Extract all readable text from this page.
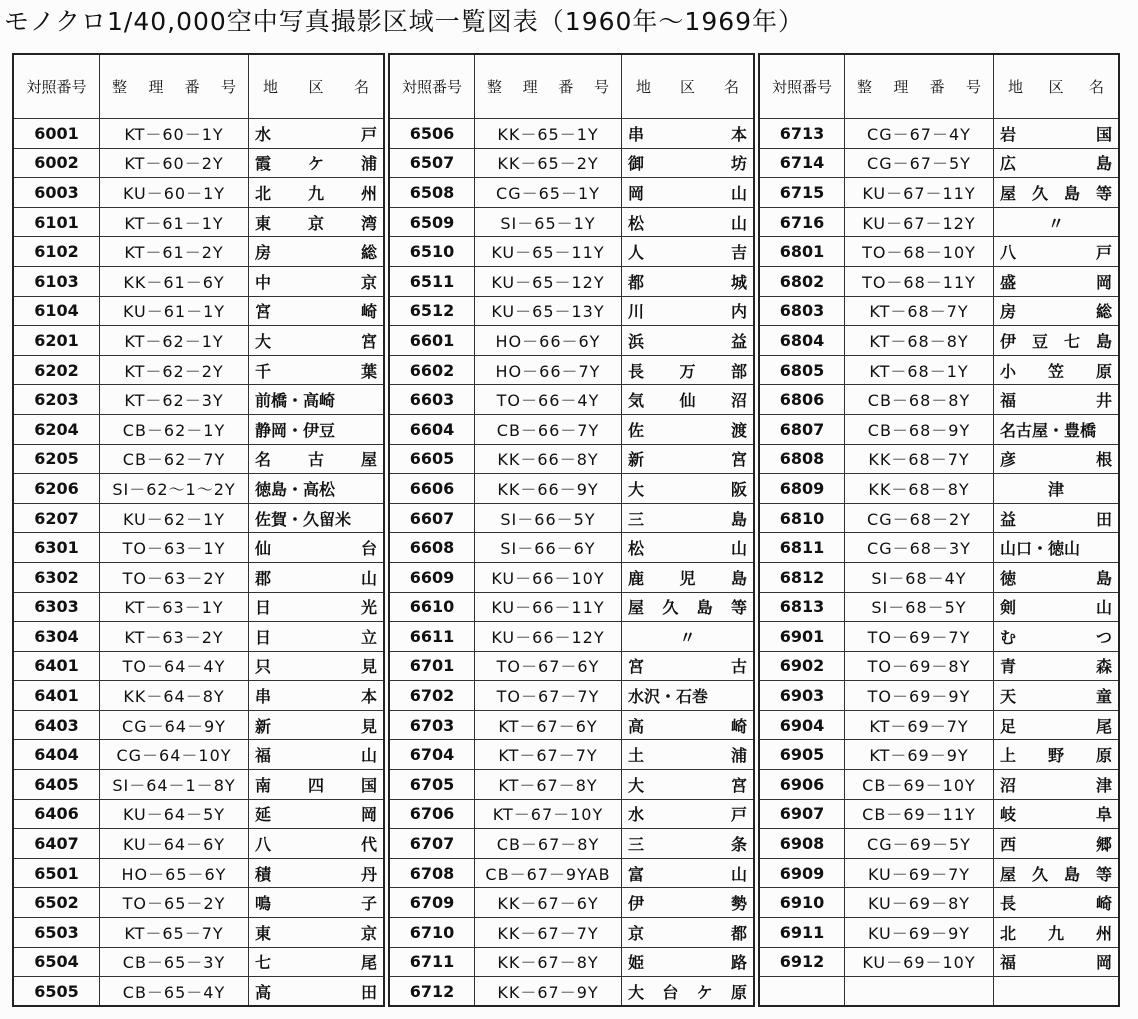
モノクロ1/40,000空中写真撮影区域一覧図表（1960年～1969年）
対照番号	整 理 番 号	地 区 名

6001	KT－60－1Y	水 戸

6002	KT－60－2Y	霞 ケ 浦

6003	KU－60－1Y	北 九 州

6101	KT－61－1Y	東 京 湾

6102	KT－61－2Y	房 総

6103	KK－61－6Y	中 京

6104	KU－61－1Y	宮 崎

6201	KT－62－1Y	大 宮

6202	KT－62－2Y	千 葉

6203	KT－62－3Y	前橋・高崎

6204	CB－62－1Y	静岡・伊豆

6205	CB－62－7Y	名 古 屋

6206	SI－62～1～2Y	徳島・高松

6207	KU－62－1Y	佐賀・久留米

6301	TO－63－1Y	仙 台

6302	TO－63－2Y	郡 山

6303	KT－63－1Y	日 光

6304	KT－63－2Y	日 立

6401	TO－64－4Y	只 見

6401	KK－64－8Y	串 本

6403	CG－64－9Y	新 見

6404	CG－64－10Y	福 山

6405	SI－64－1－8Y	南 四 国

6406	KU－64－5Y	延 岡

6407	KU－64－6Y	八 代

6501	HO－65－6Y	積 丹

6502	TO－65－2Y	鳴 子

6503	KT－65－7Y	東 京

6504	CB－65－3Y	七 尾

6505	CB－65－4Y	高 田
対照番号	整 理 番 号	地 区 名

6506	KK－65－1Y	串 本

6507	KK－65－2Y	御 坊

6508	CG－65－1Y	岡 山

6509	SI－65－1Y	松 山

6510	KU－65－11Y	人 吉

6511	KU－65－12Y	都 城

6512	KU－65－13Y	川 内

6601	HO－66－6Y	浜 益

6602	HO－66－7Y	長 万 部

6603	TO－66－4Y	気 仙 沼

6604	CB－66－7Y	佐 渡

6605	KK－66－8Y	新 宮

6606	KK－66－9Y	大 阪

6607	SI－66－5Y	三 島

6608	SI－66－6Y	松 山

6609	KU－66－10Y	鹿 児 島

6610	KU－66－11Y	屋 久 島 等

6611	KU－66－12Y	〃

6701	TO－67－6Y	宮 古

6702	TO－67－7Y	水沢・石巻

6703	KT－67－6Y	高 崎

6704	KT－67－7Y	土 浦

6705	KT－67－8Y	大 宮

6706	KT－67－10Y	水 戸

6707	CB－67－8Y	三 条

6708	CB－67－9YAB	富 山

6709	KK－67－6Y	伊 勢

6710	KK－67－7Y	京 都

6711	KK－67－8Y	姫 路

6712	KK－67－9Y	大 台 ケ 原
対照番号	整 理 番 号	地 区 名

6713	CG－67－4Y	岩 国

6714	CG－67－5Y	広 島

6715	KU－67－11Y	屋 久 島 等

6716	KU－67－12Y	〃

6801	TO－68－10Y	八 戸

6802	TO－68－11Y	盛 岡

6803	KT－68－7Y	房 総

6804	KT－68－8Y	伊 豆 七 島

6805	KT－68－1Y	小 笠 原

6806	CB－68－8Y	福 井

6807	CB－68－9Y	名古屋・豊橋

6808	KK－68－7Y	彦 根

6809	KK－68－8Y	津

6810	CG－68－2Y	益 田

6811	CG－68－3Y	山口・徳山

6812	SI－68－4Y	徳 島

6813	SI－68－5Y	剣 山

6901	TO－69－7Y	む つ

6902	TO－69－8Y	青 森

6903	TO－69－9Y	天 童

6904	KT－69－7Y	足 尾

6905	KT－69－9Y	上 野 原

6906	CB－69－10Y	沼 津

6907	CB－69－11Y	岐 阜

6908	CG－69－5Y	西 郷

6909	KU－69－7Y	屋 久 島 等

6910	KU－69－8Y	長 崎

6911	KU－69－9Y	北 九 州

6912	KU－69－10Y	福 岡
